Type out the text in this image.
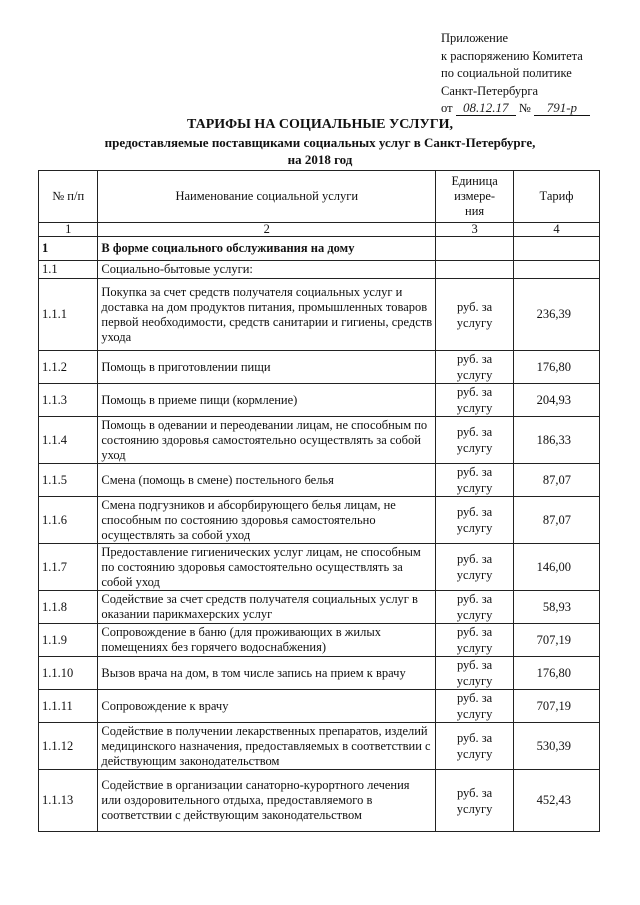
Приложение
к распоряжению Комитета
по социальной политике
Санкт-Петербурга
от 08.12.17 № 791-р
ТАРИФЫ НА СОЦИАЛЬНЫЕ УСЛУГИ,
предоставляемые поставщиками социальных услуг в Санкт-Петербурге,
на 2018 год
№ п/п	Наименование социальной услуги	Единица измере-ния	Тариф
1	2	3	4
1	В форме социального обслуживания на дому		
1.1	Социально-бытовые услуги:		
1.1.1	Покупка за счет средств получателя социальных услуг и доставка на дом продуктов питания, промышленных товаров первой необходимости, средств санитарии и гигиены, средств ухода	руб. за услугу	236,39
1.1.2	Помощь в приготовлении пищи	руб. за услугу	176,80
1.1.3	Помощь в приеме пищи (кормление)	руб. за услугу	204,93
1.1.4	Помощь в одевании и переодевании лицам, не способным по состоянию здоровья самостоятельно осуществлять за собой уход	руб. за услугу	186,33
1.1.5	Смена (помощь в смене) постельного белья	руб. за услугу	87,07
1.1.6	Смена подгузников и абсорбирующего белья лицам, не способным по состоянию здоровья самостоятельно осуществлять за собой уход	руб. за услугу	87,07
1.1.7	Предоставление гигиенических услуг лицам, не способным по состоянию здоровья самостоятельно осуществлять за собой уход	руб. за услугу	146,00
1.1.8	Содействие за счет средств получателя социальных услуг в оказании парикмахерских услуг	руб. за услугу	58,93
1.1.9	Сопровождение в баню (для проживающих в жилых помещениях без горячего водоснабжения)	руб. за услугу	707,19
1.1.10	Вызов врача на дом, в том числе запись на прием к врачу	руб. за услугу	176,80
1.1.11	Сопровождение к врачу	руб. за услугу	707,19
1.1.12	Содействие в получении лекарственных препаратов, изделий медицинского назначения, предоставляемых в соответствии с действующим законодательством	руб. за услугу	530,39
1.1.13	Содействие в организации санаторно-курортного лечения или оздоровительного отдыха, предоставляемого в соответствии с действующим законодательством	руб. за услугу	452,43
